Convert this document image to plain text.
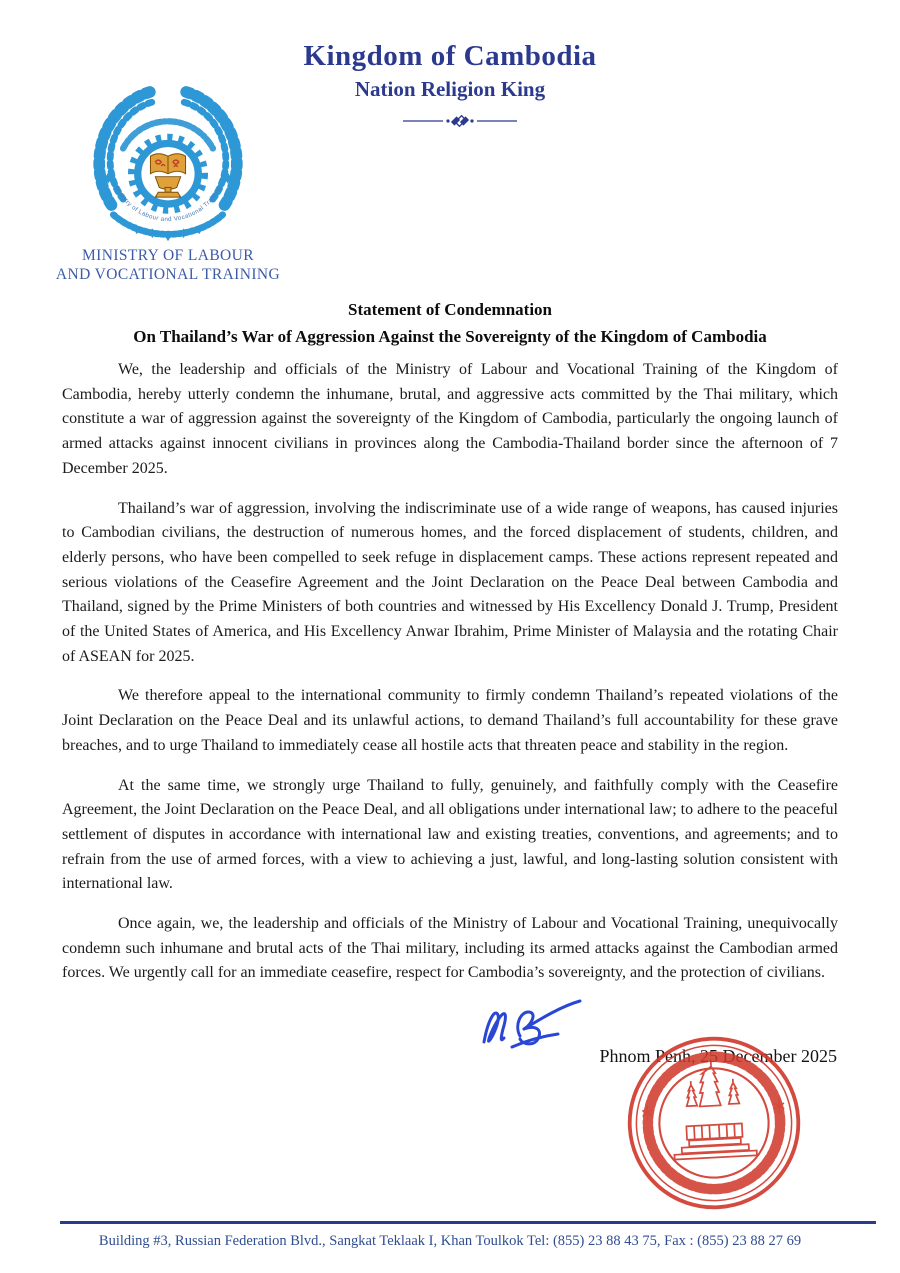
Kingdom of Cambodia
Nation Religion King
Ministry of Labour and Vocational Training
MINISTRY OF LABOUR
AND VOCATIONAL TRAINING
Statement of Condemnation
On Thailand’s War of Aggression Against the Sovereignty of the Kingdom of Cambodia

We, the leadership and officials of the Ministry of Labour and Vocational Training of the Kingdom of Cambodia, hereby utterly condemn the inhumane, brutal, and aggressive acts committed by the Thai military, which constitute a war of aggression against the sovereignty of the Kingdom of Cambodia, particularly the ongoing launch of armed attacks against innocent civilians in provinces along the Cambodia-Thailand border since the afternoon of 7 December 2025.

Thailand’s war of aggression, involving the indiscriminate use of a wide range of weapons, has caused injuries to Cambodian civilians, the destruction of numerous homes, and the forced displacement of students, children, and elderly persons, who have been compelled to seek refuge in displacement camps. These actions represent repeated and serious violations of the Ceasefire Agreement and the Joint Declaration on the Peace Deal between Cambodia and Thailand, signed by the Prime Ministers of both countries and witnessed by His Excellency Donald J. Trump, President of the United States of America, and His Excellency Anwar Ibrahim, Prime Minister of Malaysia and the rotating Chair of ASEAN for 2025.

We therefore appeal to the international community to firmly condemn Thailand’s repeated violations of the Joint Declaration on the Peace Deal and its unlawful actions, to demand Thailand’s full accountability for these grave breaches, and to urge Thailand to immediately cease all hostile acts that threaten peace and stability in the region.

At the same time, we strongly urge Thailand to fully, genuinely, and faithfully comply with the Ceasefire Agreement, the Joint Declaration on the Peace Deal, and all obligations under international law; to adhere to the peaceful settlement of disputes in accordance with international law and existing treaties, conventions, and agreements; and to refrain from the use of armed forces, with a view to achieving a just, lawful, and long-lasting solution consistent with international law.

Once again, we, the leadership and officials of the Ministry of Labour and Vocational Training, unequivocally condemn such inhumane and brutal acts of the Thai military, including its armed attacks against the Cambodian armed forces. We urgently call for an immediate ceasefire, respect for Cambodia’s sovereignty, and the protection of civilians.

Phnom Penh, 25 December 2025
Building #3, Russian Federation Blvd., Sangkat Teklaak I, Khan Toulkok Tel: (855) 23 88 43 75, Fax : (855) 23 88 27 69
